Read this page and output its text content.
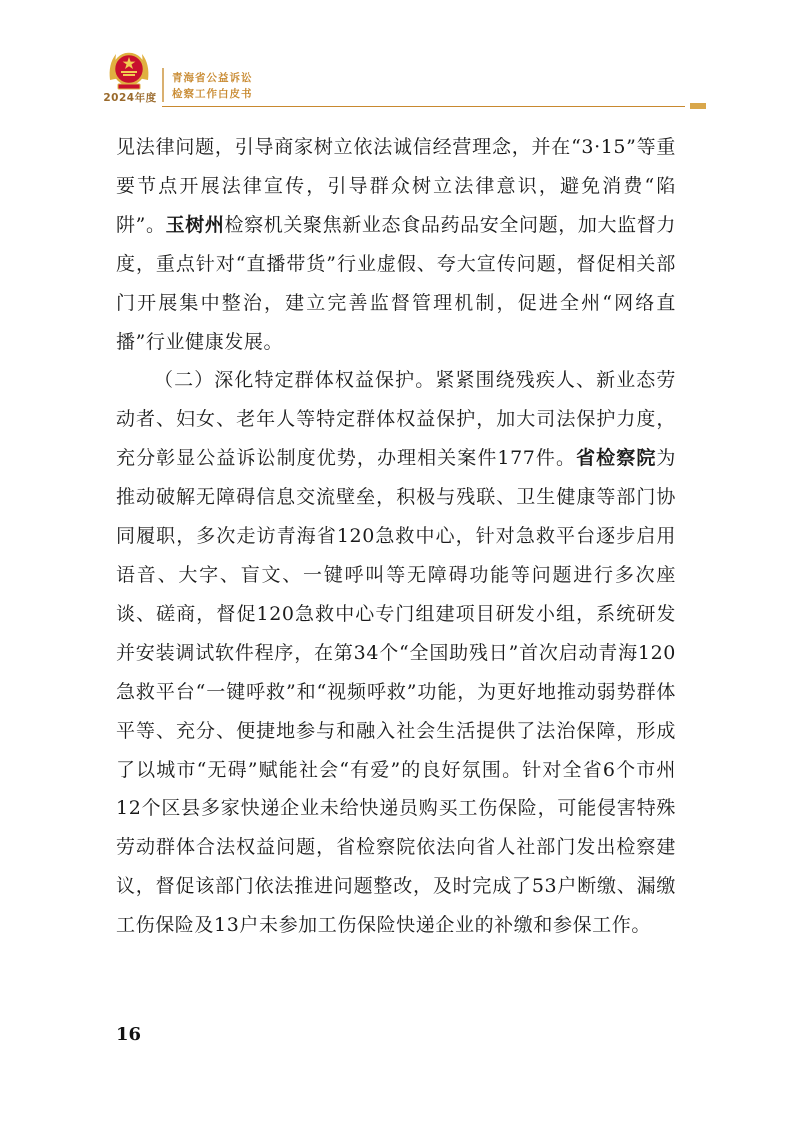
2024年度
青海省公益诉讼
检察工作白皮书

见法律问题，引导商家树立依法诚信经营理念，并在“3·15”等重要节点开展法律宣传，引导群众树立法律意识，避免消费“陷阱”。玉树州检察机关聚焦新业态食品药品安全问题，加大监督力度，重点针对“直播带货”行业虚假、夸大宣传问题，督促相关部门开展集中整治，建立完善监督管理机制，促进全州“网络直播”行业健康发展。

（二）深化特定群体权益保护。紧紧围绕残疾人、新业态劳动者、妇女、老年人等特定群体权益保护，加大司法保护力度，充分彰显公益诉讼制度优势，办理相关案件177件。省检察院为推动破解无障碍信息交流壁垒，积极与残联、卫生健康等部门协同履职，多次走访青海省120急救中心，针对急救平台逐步启用语音、大字、盲文、一键呼叫等无障碍功能等问题进行多次座谈、磋商，督促120急救中心专门组建项目研发小组，系统研发并安装调试软件程序，在第34个“全国助残日”首次启动青海120急救平台“一键呼救”和“视频呼救”功能，为更好地推动弱势群体平等、充分、便捷地参与和融入社会生活提供了法治保障，形成了以城市“无碍”赋能社会“有爱”的良好氛围。针对全省6个市州12个区县多家快递企业未给快递员购买工伤保险，可能侵害特殊劳动群体合法权益问题，省检察院依法向省人社部门发出检察建议，督促该部门依法推进问题整改，及时完成了53户断缴、漏缴工伤保险及13户未参加工伤保险快递企业的补缴和参保工作。

16
